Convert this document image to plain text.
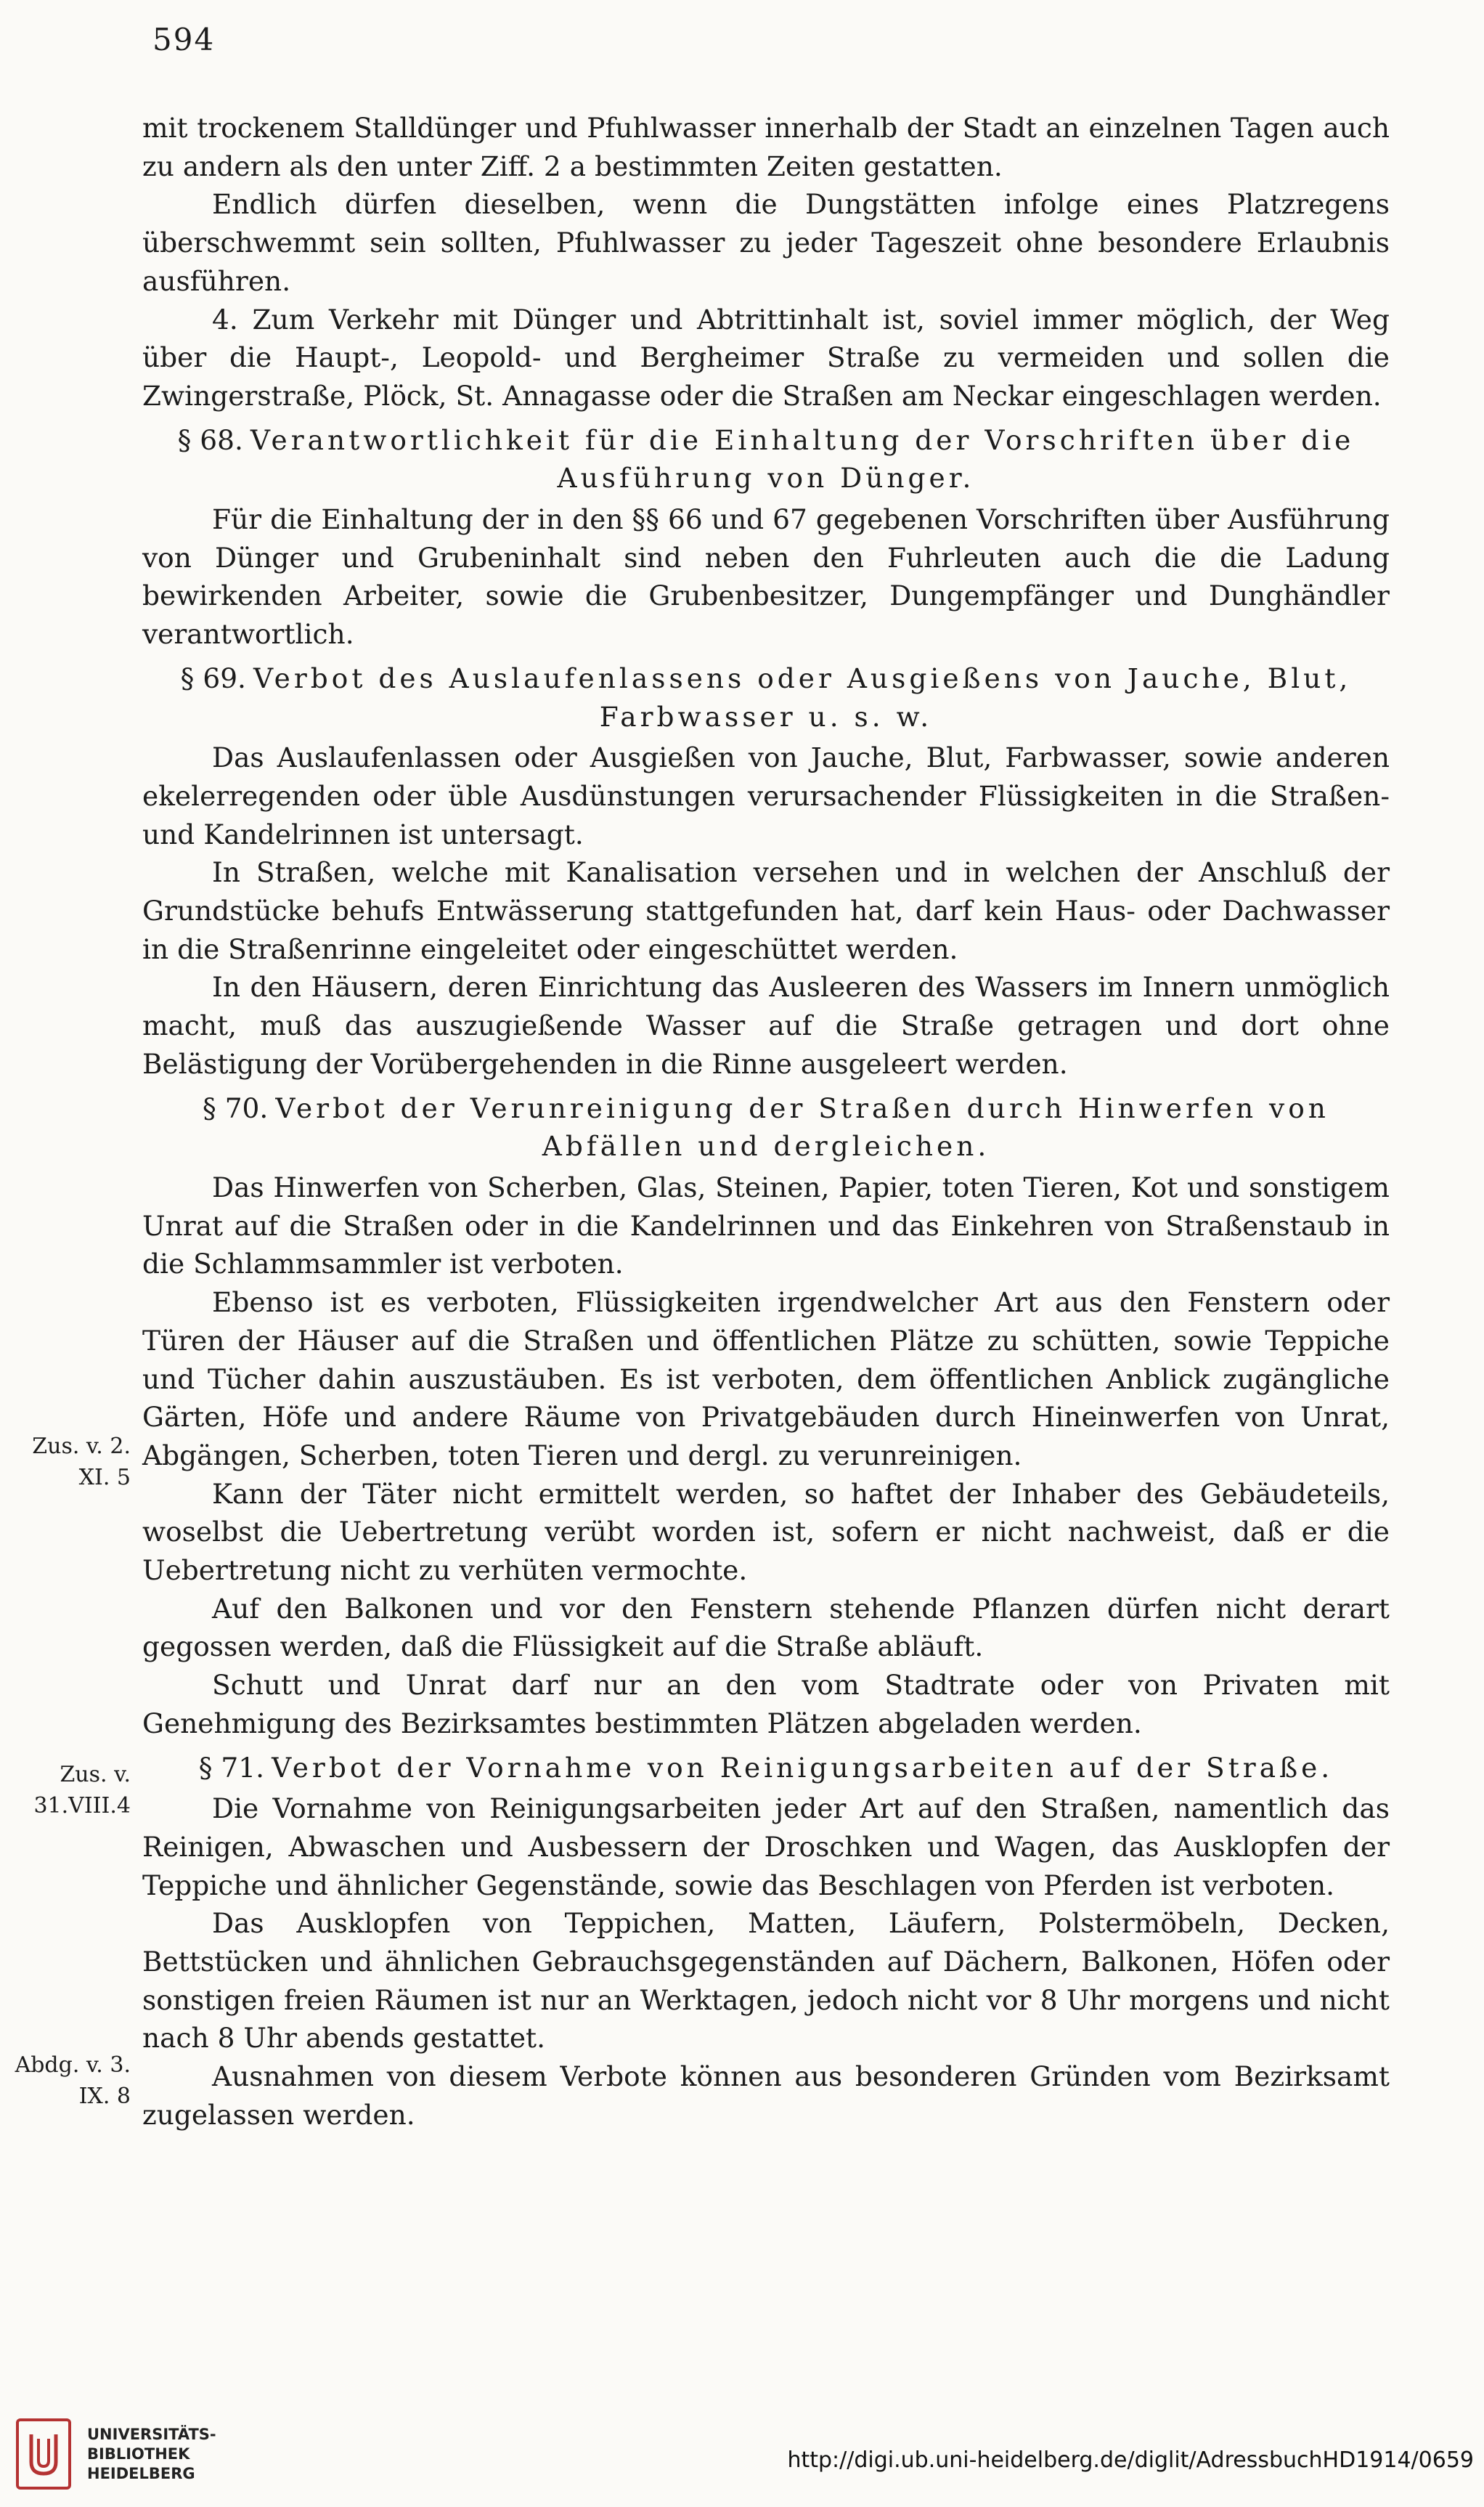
594

mit trockenem Stalldünger und Pfuhlwasser innerhalb der Stadt an einzelnen Tagen auch zu andern als den unter Ziff. 2 a bestimmten Zeiten gestatten.

Endlich dürfen dieselben, wenn die Dungstätten infolge eines Platzregens überschwemmt sein sollten, Pfuhlwasser zu jeder Tageszeit ohne besondere Erlaubnis ausführen.

4. Zum Verkehr mit Dünger und Abtrittinhalt ist, soviel immer möglich, der Weg über die Haupt-, Leopold- und Bergheimer Straße zu vermeiden und sollen die Zwingerstraße, Plöck, St. Annagasse oder die Straßen am Neckar eingeschlagen werden.

§ 68. Verantwortlichkeit für die Einhaltung der Vorschriften über die Ausführung von Dünger.

Für die Einhaltung der in den §§ 66 und 67 gegebenen Vorschriften über Ausführung von Dünger und Grubeninhalt sind neben den Fuhrleuten auch die die Ladung bewirkenden Arbeiter, sowie die Grubenbesitzer, Dungempfänger und Dunghändler verantwortlich.

§ 69. Verbot des Auslaufenlassens oder Ausgießens von Jauche, Blut, Farbwasser u. s. w.

Das Auslaufenlassen oder Ausgießen von Jauche, Blut, Farbwasser, sowie anderen ekelerregenden oder üble Ausdünstungen verursachender Flüssigkeiten in die Straßen- und Kandelrinnen ist untersagt.

In Straßen, welche mit Kanalisation versehen und in welchen der Anschluß der Grundstücke behufs Entwässerung stattgefunden hat, darf kein Haus- oder Dachwasser in die Straßenrinne eingeleitet oder eingeschüttet werden.

In den Häusern, deren Einrichtung das Ausleeren des Wassers im Innern unmöglich macht, muß das auszugießende Wasser auf die Straße getragen und dort ohne Belästigung der Vorübergehenden in die Rinne ausgeleert werden.

§ 70. Verbot der Verunreinigung der Straßen durch Hinwerfen von Abfällen und dergleichen.

Das Hinwerfen von Scherben, Glas, Steinen, Papier, toten Tieren, Kot und sonstigem Unrat auf die Straßen oder in die Kandelrinnen und das Einkehren von Straßenstaub in die Schlammsammler ist verboten.

Ebenso ist es verboten, Flüssigkeiten irgendwelcher Art aus den Fenstern oder Türen der Häuser auf die Straßen und öffentlichen Plätze zu schütten, sowie Teppiche und Tücher dahin auszustäuben. Es ist verboten, dem öffentlichen Anblick zugängliche Gärten, Höfe und andere Räume von Privatgebäuden durch Hineinwerfen von Unrat, Abgängen, Scherben, toten Tieren und dergl. zu verunreinigen.

Kann der Täter nicht ermittelt werden, so haftet der Inhaber des Gebäudeteils, woselbst die Uebertretung verübt worden ist, sofern er nicht nachweist, daß er die Uebertretung nicht zu verhüten vermochte.

Auf den Balkonen und vor den Fenstern stehende Pflanzen dürfen nicht derart gegossen werden, daß die Flüssigkeit auf die Straße abläuft.

Schutt und Unrat darf nur an den vom Stadtrate oder von Privaten mit Genehmigung des Bezirksamtes bestimmten Plätzen abgeladen werden.

§ 71. Verbot der Vornahme von Reinigungsarbeiten auf der Straße.

Die Vornahme von Reinigungsarbeiten jeder Art auf den Straßen, namentlich das Reinigen, Abwaschen und Ausbessern der Droschken und Wagen, das Ausklopfen der Teppiche und ähnlicher Gegenstände, sowie das Beschlagen von Pferden ist verboten.

Das Ausklopfen von Teppichen, Matten, Läufern, Polstermöbeln, Decken, Bettstücken und ähnlichen Gebrauchsgegenständen auf Dächern, Balkonen, Höfen oder sonstigen freien Räumen ist nur an Werktagen, jedoch nicht vor 8 Uhr morgens und nicht nach 8 Uhr abends gestattet.

Ausnahmen von diesem Verbote können aus besonderen Gründen vom Bezirksamt zugelassen werden.

Zus. v. 2. XI. 5
Zus. v. 31.VIII.4
Abdg. v. 3. IX. 8
UNIVERSITÄTS-
BIBLIOTHEK
HEIDELBERG
http://digi.ub.uni-heidelberg.de/diglit/AdressbuchHD1914/0659
